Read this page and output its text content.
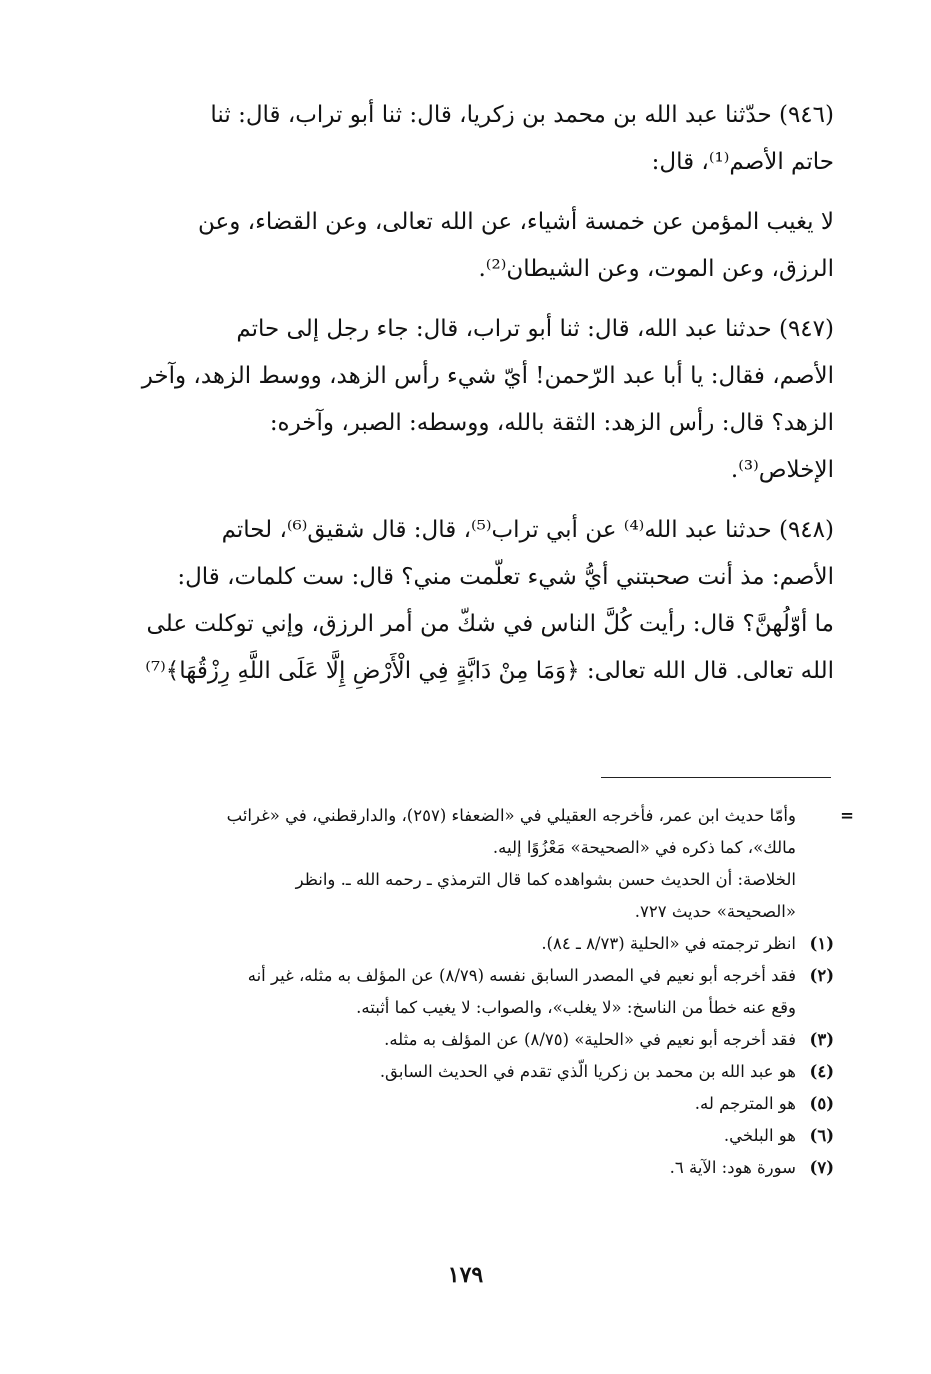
(٩٤٦) حدّثنا عبد الله بن محمد بن زكريا، قال: ثنا أبو تراب، قال: ثنا
حاتم الأصم⁽¹⁾، قال:
لا يغيب المؤمن عن خمسة أشياء، عن الله تعالى، وعن القضاء، وعن
الرزق، وعن الموت، وعن الشيطان⁽²⁾.
(٩٤٧) حدثنا عبد الله، قال: ثنا أبو تراب، قال: جاء رجل إلى حاتم
الأصم، فقال: يا أبا عبد الرّحمن! أيّ شيء رأس الزهد، ووسط الزهد، وآخر
الزهد؟ قال: رأس الزهد: الثقة بالله، ووسطه: الصبر، وآخره:
الإخلاص⁽³⁾.
(٩٤٨) حدثنا عبد الله⁽⁴⁾ عن أبي تراب⁽⁵⁾، قال: قال شقيق⁽⁶⁾، لحاتم
الأصم: مذ أنت صحبتني أيُّ شيء تعلّمت مني؟ قال: ست كلمات، قال:
ما أوّلُهنَّ؟ قال: رأيت كُلَّ الناس في شكّ من أمر الرزق، وإني توكلت على
الله تعالى. قال الله تعالى: ﴿وَمَا مِنْ دَابَّةٍ فِي الْأَرْضِ إِلَّا عَلَى اللَّهِ رِزْقُهَا﴾⁽⁷⁾
=
وأمّا حديث ابن عمر، فأخرجه العقيلي في «الضعفاء (٢٥٧)، والدارقطني، في «غرائب
مالك»، كما ذكره في «الصحيحة» مَعْزُوًا إليه.
الخلاصة: أن الحديث حسن بشواهده كما قال الترمذي ـ رحمه الله ـ. وانظر
«الصحيحة» حديث ٧٢٧.
(١)
انظر ترجمته في «الحلية (٨/٧٣ ـ ٨٤).
(٢)
فقد أخرجه أبو نعيم في المصدر السابق نفسه (٨/٧٩) عن المؤلف به مثله، غير أنه
وقع عنه خطأ من الناسخ: «لا يغلب»، والصواب: لا يغيب كما أثبته.
(٣)
فقد أخرجه أبو نعيم في «الحلية» (٨/٧٥) عن المؤلف به مثله.
(٤)
هو عبد الله بن محمد بن زكريا الّذي تقدم في الحديث السابق.
(٥)
هو المترجم له.
(٦)
هو البلخي.
(٧)
سورة هود: الآية ٦.
١٧٩
